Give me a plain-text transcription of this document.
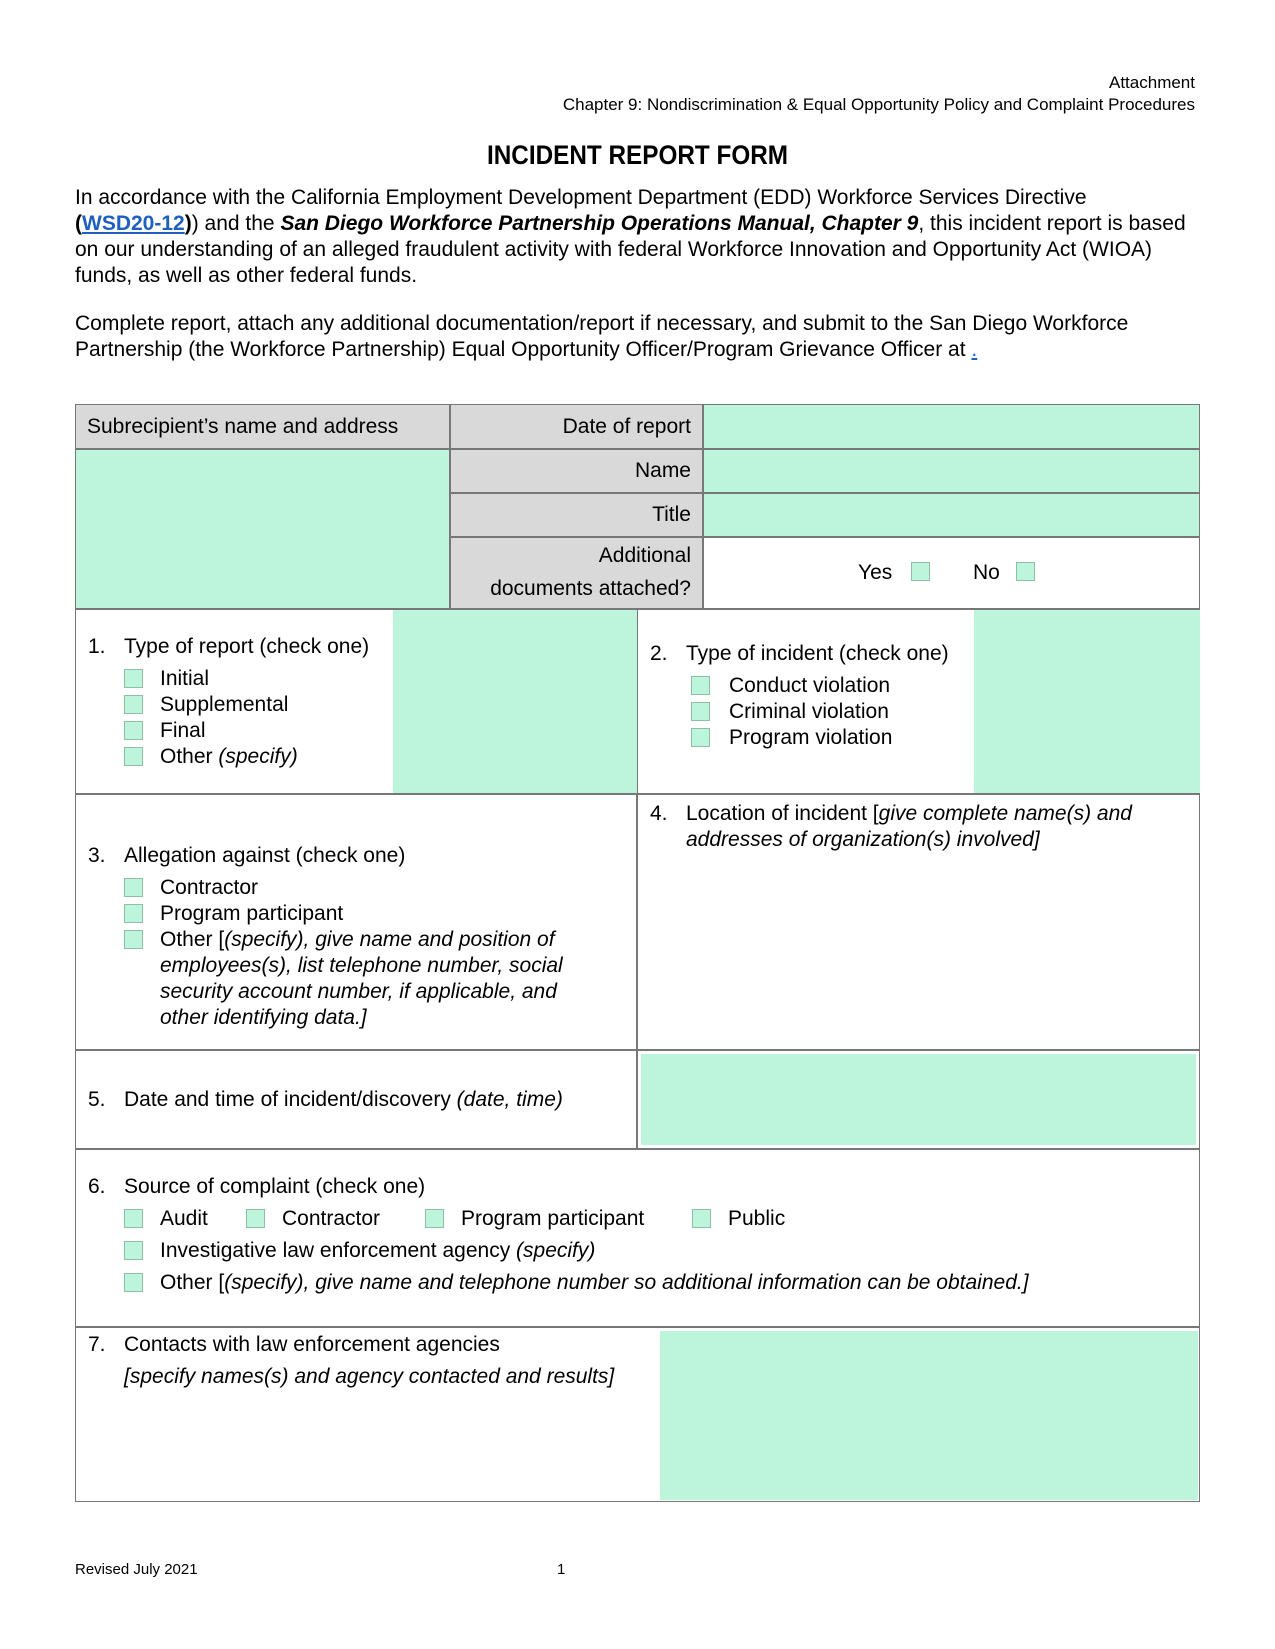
Attachment
Chapter 9: Nondiscrimination & Equal Opportunity Policy and Complaint Procedures
INCIDENT REPORT FORM
In accordance with the California Employment Development Department (EDD) Workforce Services Directive
(WSD20-12)) and the San Diego Workforce Partnership Operations Manual, Chapter 9, this incident report is based on our understanding of an alleged fraudulent activity with federal Workforce Innovation and Opportunity Act (WIOA) funds, as well as other federal funds.
Complete report, attach any additional documentation/report if necessary, and submit to the San Diego Workforce Partnership (the Workforce Partnership) Equal Opportunity Officer/Program Grievance Officer at .
Subrecipient’s name and address	Date of report
Name
Title
Additional
documents attached?
Yes	No
1. Type of report (check one)
Initial
Supplemental
Final
Other (specify)
2. Type of incident (check one)
Conduct violation
Criminal violation
Program violation
3. Allegation against (check one)
Contractor
Program participant
Other [(specify), give name and position of
employees(s), list telephone number, social
security account number, if applicable, and
other identifying data.]
4. Location of incident [give complete name(s) and
addresses of organization(s) involved]
5. Date and time of incident/discovery (date, time)
6. Source of complaint (check one)
Audit	Contractor	Program participant	Public
Investigative law enforcement agency (specify)
Other [(specify), give name and telephone number so additional information can be obtained.]
7. Contacts with law enforcement agencies
[specify names(s) and agency contacted and results]
Revised July 2021	1
